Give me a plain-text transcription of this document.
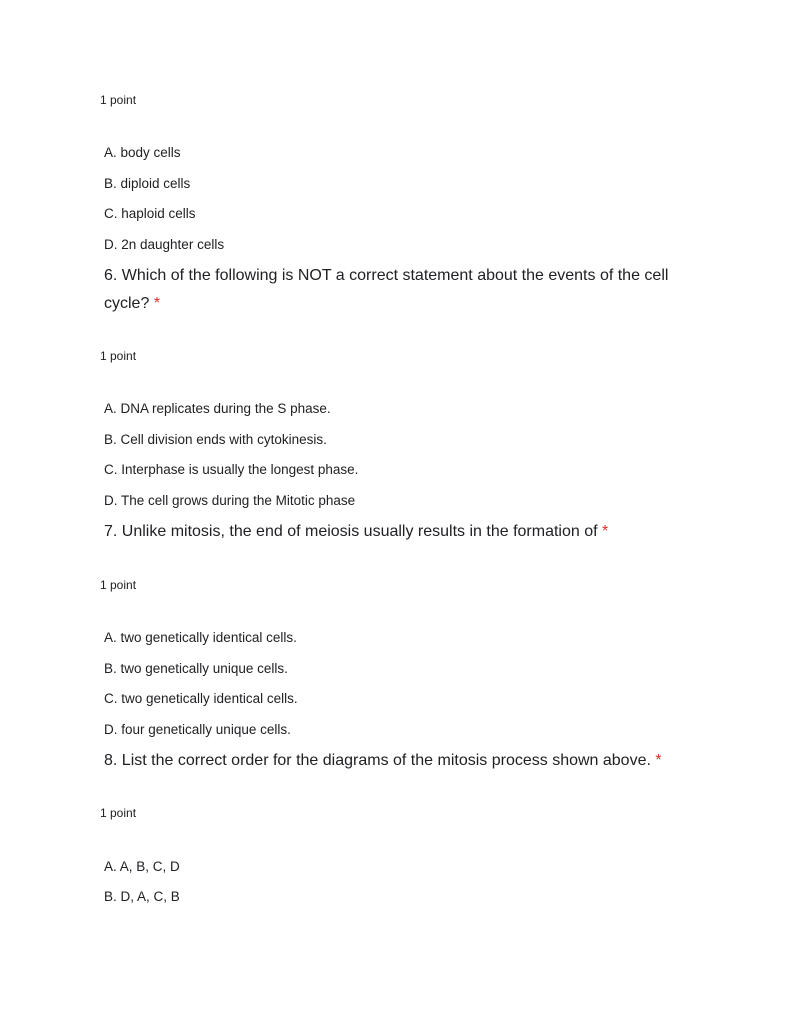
1 point
A. body cells
B. diploid cells
C. haploid cells
D. 2n daughter cells
6. Which of the following is NOT a correct statement about the events of the cell
cycle? *
1 point
A. DNA replicates during the S phase.
B. Cell division ends with cytokinesis.
C. Interphase is usually the longest phase.
D. The cell grows during the Mitotic phase
7. Unlike mitosis, the end of meiosis usually results in the formation of *
1 point
A. two genetically identical cells.
B. two genetically unique cells.
C. two genetically identical cells.
D. four genetically unique cells.
8. List the correct order for the diagrams of the mitosis process shown above. *
1 point
A. A, B, C, D
B. D, A, C, B
